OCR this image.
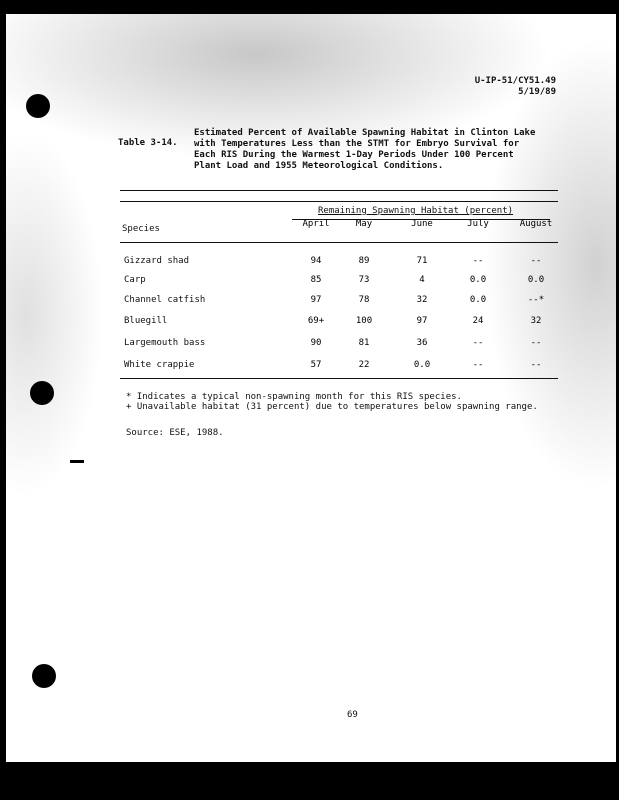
U-IP-51/CY51.49
5/19/89
Table 3-14.
Estimated Percent of Available Spawning Habitat in Clinton Lake
with Temperatures Less than the STMT for Embryo Survival for
Each RIS During the Warmest 1-Day Periods Under 100 Percent
Plant Load and 1955 Meteorological Conditions.
Remaining Spawning Habitat (percent)
Species	April	May	June	July	August
Gizzard shad	94	89	71	--	--
Carp	85	73	4	0.0	0.0
Channel catfish	97	78	32	0.0	--*
Bluegill	69+	100	97	24	32
Largemouth bass	90	81	36	--	--
White crappie	57	22	0.0	--	--
* Indicates a typical non-spawning month for this RIS species.
+ Unavailable habitat (31 percent) due to temperatures below spawning range.
Source: ESE, 1988.
69
